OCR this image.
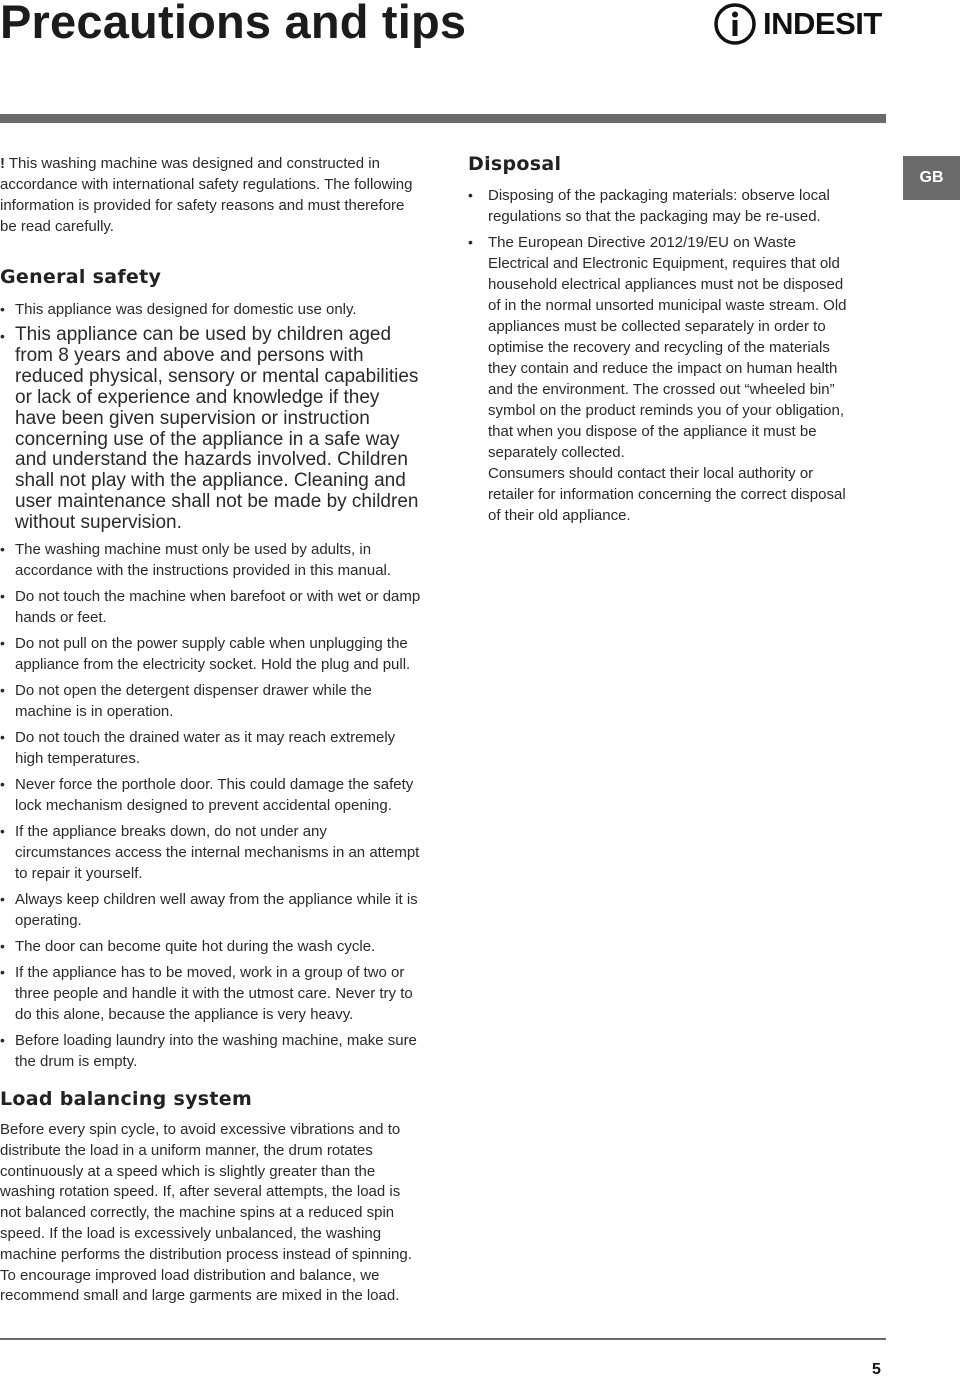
Precautions and tips	INDESIT
GB

! This washing machine was designed and constructed in accordance with international safety regulations. The following information is provided for safety reasons and must therefore be read carefully.

General safety
• This appliance was designed for domestic use only.
• This appliance can be used by children aged from 8 years and above and persons with reduced physical, sensory or mental capabilities or lack of experience and knowledge if they have been given supervision or instruction concerning use of the appliance in a safe way and understand the hazards involved. Children shall not play with the appliance. Cleaning and user maintenance shall not be made by children without supervision.
• The washing machine must only be used by adults, in accordance with the instructions provided in this manual.
• Do not touch the machine when barefoot or with wet or damp hands or feet.
• Do not pull on the power supply cable when unplugging the appliance from the electricity socket. Hold the plug and pull.
• Do not open the detergent dispenser drawer while the machine is in operation.
• Do not touch the drained water as it may reach extremely high temperatures.
• Never force the porthole door. This could damage the safety lock mechanism designed to prevent accidental opening.
• If the appliance breaks down, do not under any circumstances access the internal mechanisms in an attempt to repair it yourself.
• Always keep children well away from the appliance while it is operating.
• The door can become quite hot during the wash cycle.
• If the appliance has to be moved, work in a group of two or three people and handle it with the utmost care. Never try to do this alone, because the appliance is very heavy.
• Before loading laundry into the washing machine, make sure the drum is empty.
Load balancing system

Before every spin cycle, to avoid excessive vibrations and to distribute the load in a uniform manner, the drum rotates continuously at a speed which is slightly greater than the washing rotation speed. If, after several attempts, the load is not balanced correctly, the machine spins at a reduced spin speed. If the load is excessively unbalanced, the washing machine performs the distribution process instead of spinning. To encourage improved load distribution and balance, we recommend small and large garments are mixed in the load.

Disposal
• Disposing of the packaging materials: observe local regulations so that the packaging may be re-used.
• The European Directive 2012/19/EU on Waste Electrical and Electronic Equipment, requires that old household electrical appliances must not be disposed of in the normal unsorted municipal waste stream. Old appliances must be collected separately in order to optimise the recovery and recycling of the materials they contain and reduce the impact on human health and the environment. The crossed out “wheeled bin” symbol on the product reminds you of your obligation, that when you dispose of the appliance it must be separately collected.
Consumers should contact their local authority or retailer for information concerning the correct disposal of their old appliance.
5
